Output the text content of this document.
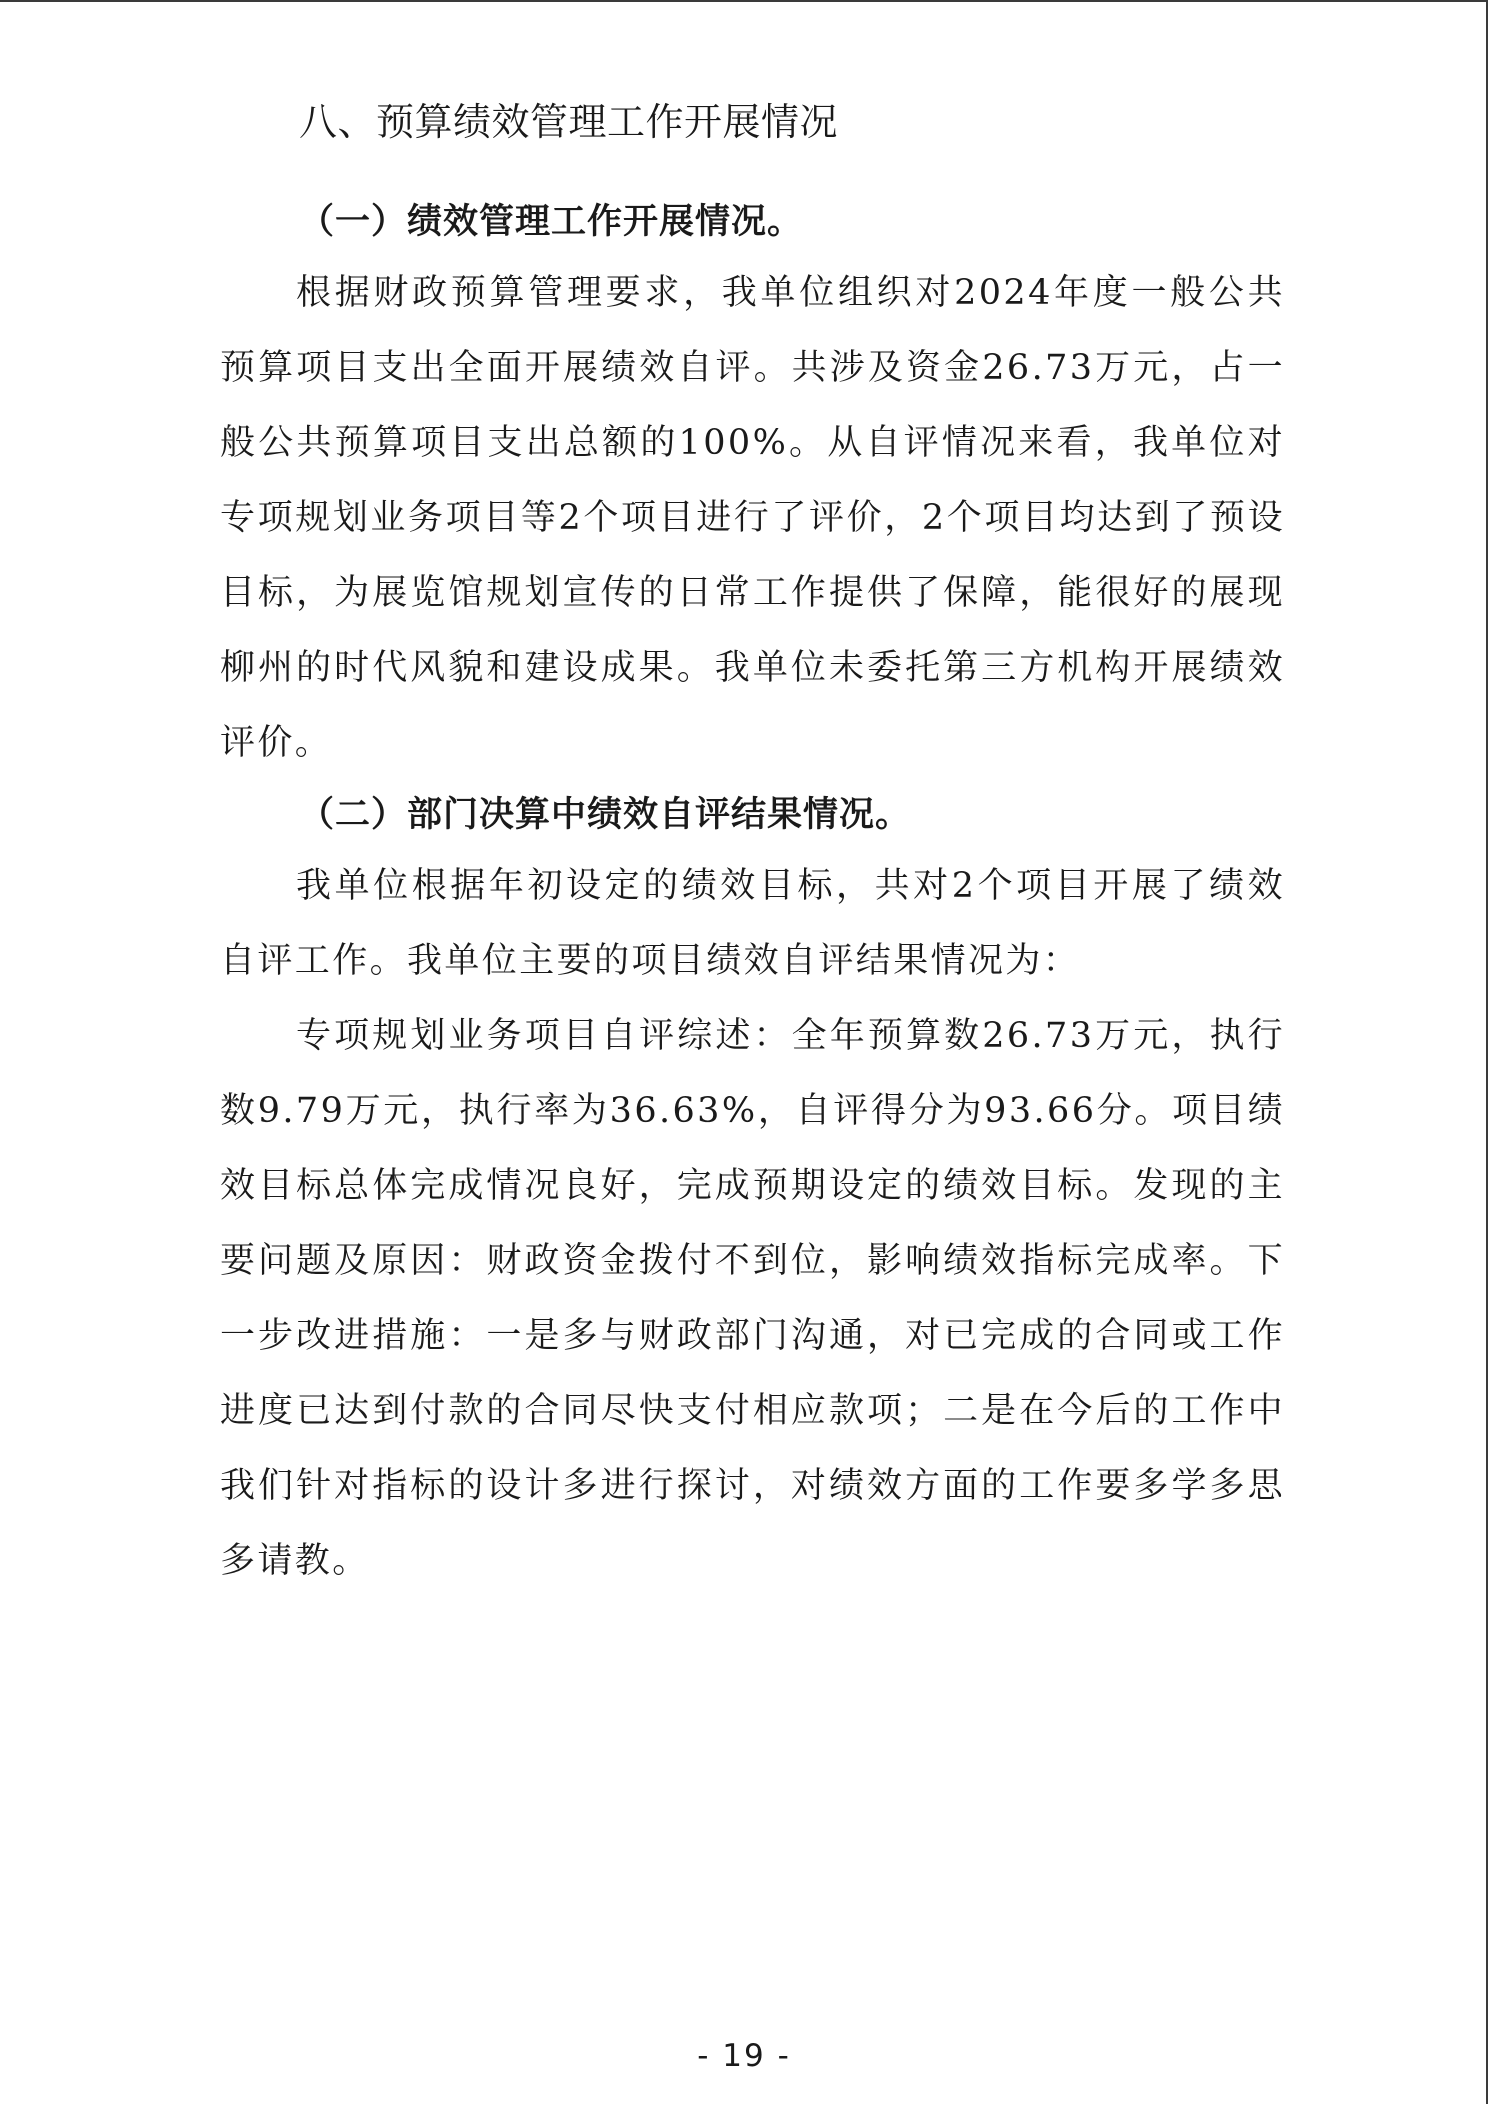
八、预算绩效管理工作开展情况
（一）绩效管理工作开展情况。

根据财政预算管理要求，我单位组织对2024年度一般公共预算项目支出全面开展绩效自评。共涉及资金26.73万元，占一般公共预算项目支出总额的100%。从自评情况来看，我单位对专项规划业务项目等2个项目进行了评价，2个项目均达到了预设目标，为展览馆规划宣传的日常工作提供了保障，能很好的展现柳州的时代风貌和建设成果。我单位未委托第三方机构开展绩效评价。

（二）部门决算中绩效自评结果情况。

我单位根据年初设定的绩效目标，共对2个项目开展了绩效自评工作。我单位主要的项目绩效自评结果情况为：

专项规划业务项目自评综述：全年预算数26.73万元，执行数9.79万元，执行率为36.63%，自评得分为93.66分。项目绩效目标总体完成情况良好，完成预期设定的绩效目标。发现的主要问题及原因：财政资金拨付不到位，影响绩效指标完成率。下一步改进措施：一是多与财政部门沟通，对已完成的合同或工作进度已达到付款的合同尽快支付相应款项；二是在今后的工作中我们针对指标的设计多进行探讨，对绩效方面的工作要多学多思多请教。

- 19 -
